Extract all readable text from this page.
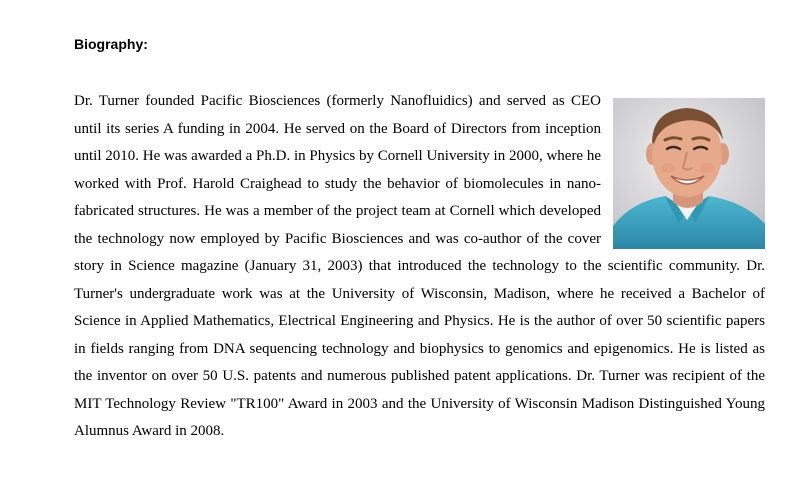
Biography:

Dr. Turner founded Pacific Biosciences (formerly Nanofluidics) and served as CEO until its series A funding in 2004. He served on the Board of Directors from inception until 2010. He was awarded a Ph.D. in Physics by Cornell University in 2000, where he worked with Prof. Harold Craighead to study the behavior of biomolecules in nano-fabricated structures. He was a member of the project team at Cornell which developed the technology now employed by Pacific Biosciences and was co-author of the cover story in Science magazine (January 31, 2003) that introduced the technology to the scientific community. Dr. Turner's undergraduate work was at the University of Wisconsin, Madison, where he received a Bachelor of Science in Applied Mathematics, Electrical Engineering and Physics. He is the author of over 50 scientific papers in fields ranging from DNA sequencing technology and biophysics to genomics and epigenomics. He is listed as the inventor on over 50 U.S. patents and numerous published patent applications. Dr. Turner was recipient of the MIT Technology Review "TR100" Award in 2003 and the University of Wisconsin Madison Distinguished Young Alumnus Award in 2008.
